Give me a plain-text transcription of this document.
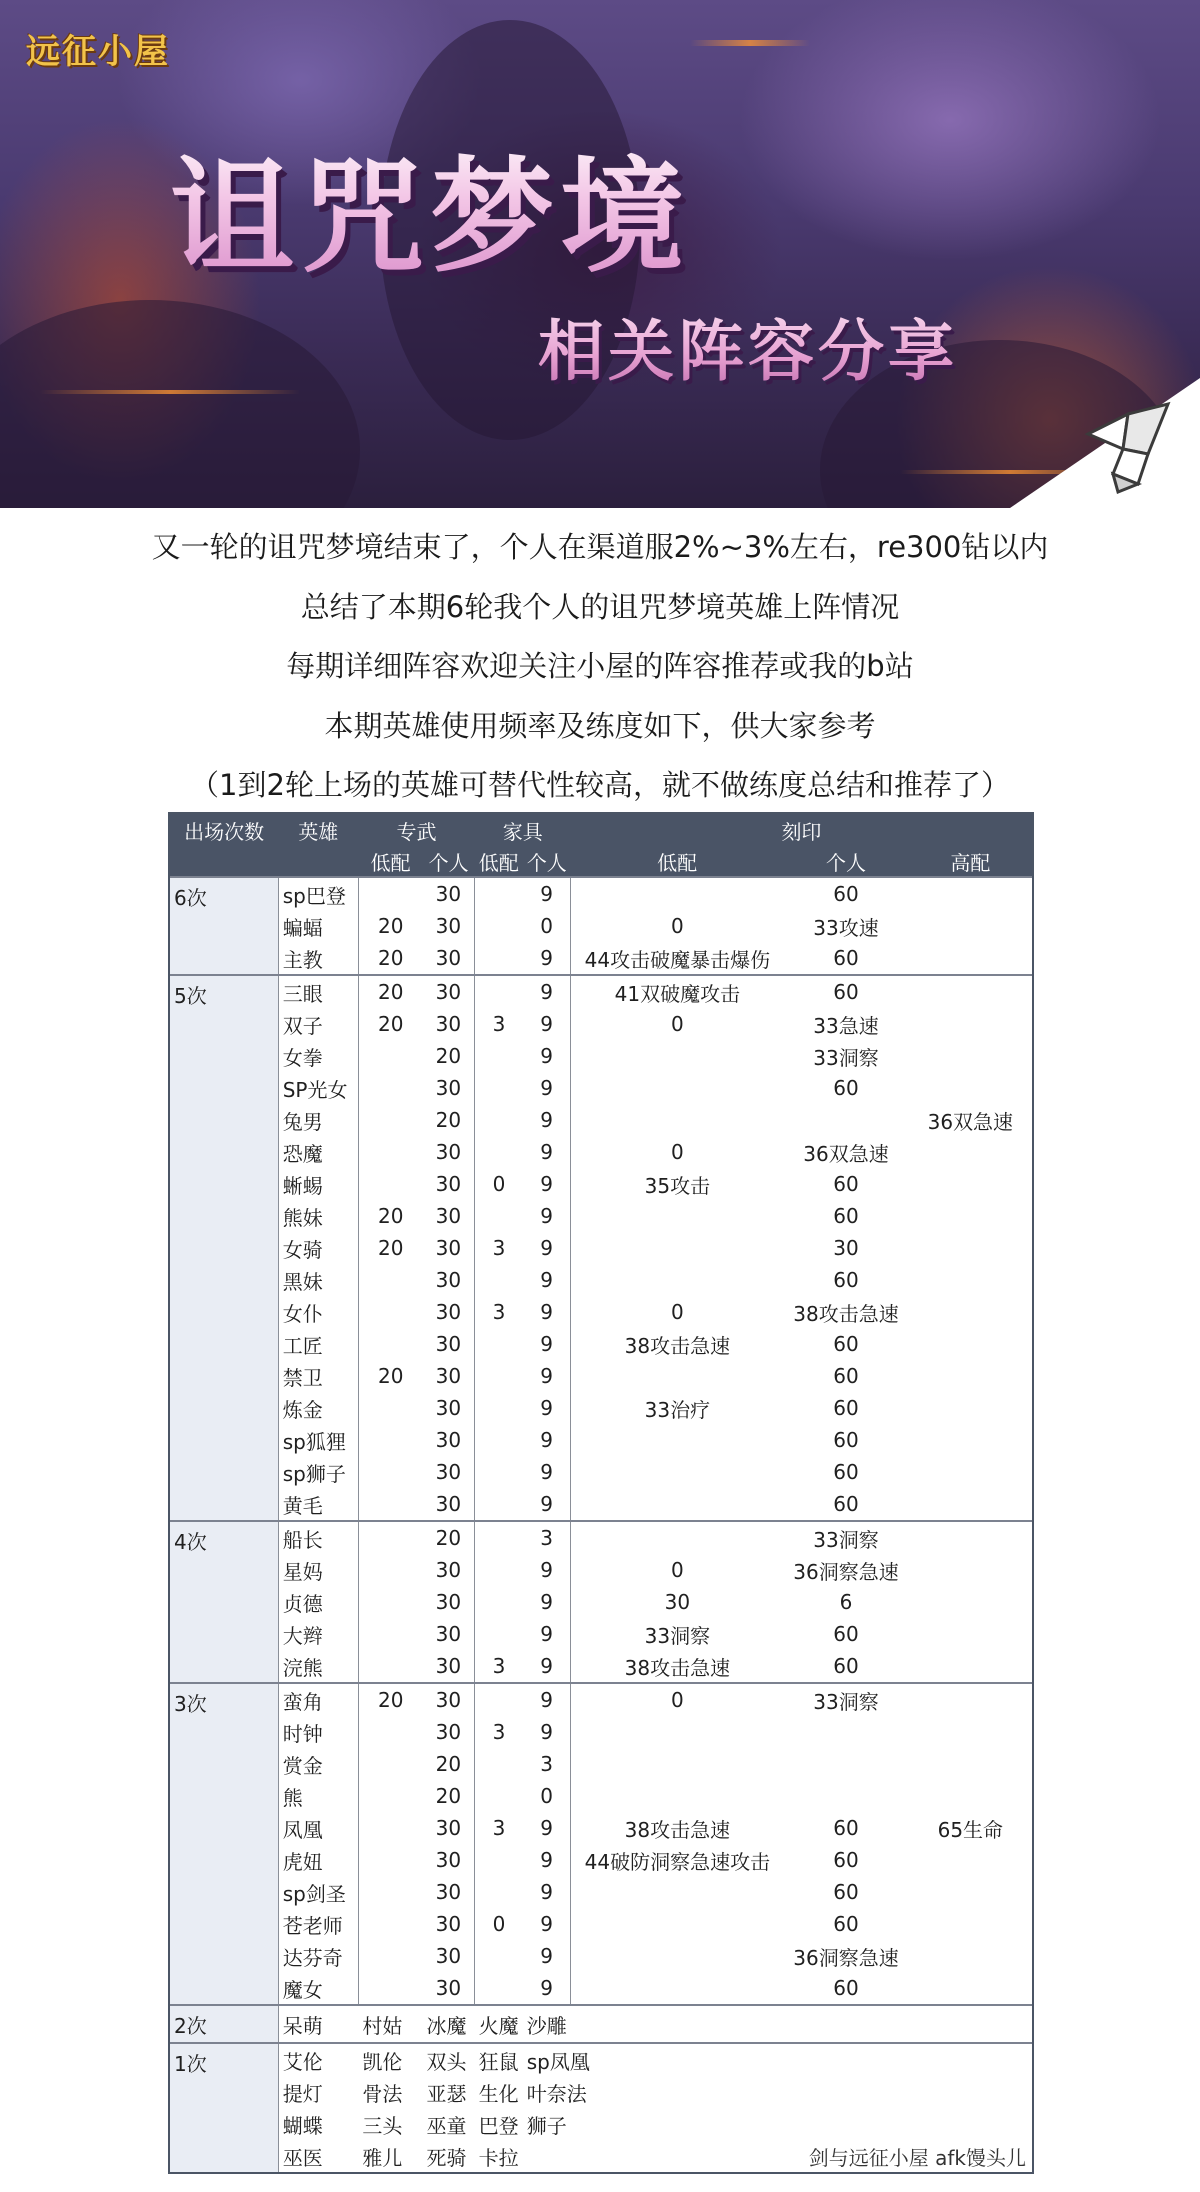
远征小屋
诅咒梦境
相关阵容分享
又一轮的诅咒梦境结束了，个人在渠道服2%~3%左右，re300钻以内
总结了本期6轮我个人的诅咒梦境英雄上阵情况
每期详细阵容欢迎关注小屋的阵容推荐或我的b站
本期英雄使用频率及练度如下，供大家参考
（1到2轮上场的英雄可替代性较高，就不做练度总结和推荐了）
出场次数	英雄	专武		家具		刻印		
		低配	个人	低配	个人	低配	个人	高配
6次	sp巴登		30		9		60	
	蝙蝠	20	30		0	0	33攻速	
	主教	20	30		9	44攻击破魔暴击爆伤	60	
5次	三眼	20	30		9	41双破魔攻击	60	
	双子	20	30	3	9	0	33急速	
	女拳		20		9		33洞察	
	SP光女		30		9		60	
	兔男		20		9			36双急速
	恐魔		30		9	0	36双急速	
	蜥蜴		30	0	9	35攻击	60	
	熊妹	20	30		9		60	
	女骑	20	30	3	9		30	
	黑妹		30		9		60	
	女仆		30	3	9	0	38攻击急速	
	工匠		30		9	38攻击急速	60	
	禁卫	20	30		9		60	
	炼金		30		9	33治疗	60	
	sp狐狸		30		9		60	
	sp狮子		30		9		60	
	黄毛		30		9		60	
4次	船长		20		3		33洞察	
	星妈		30		9	0	36洞察急速	
	贞德		30		9	30	6	
	大辫		30		9	33洞察	60	
	浣熊		30	3	9	38攻击急速	60	
3次	蛮角	20	30		9	0	33洞察	
	时钟		30	3	9			
	赏金		20		3			
	熊		20		0			
	凤凰		30	3	9	38攻击急速	60	65生命
	虎妞		30		9	44破防洞察急速攻击	60	
	sp剑圣		30		9		60	
	苍老师		30	0	9		60	
	达芬奇		30		9		36洞察急速	
	魔女		30		9		60	
2次	呆萌	村姑	冰魔	火魔	沙雕			
1次	艾伦	凯伦	双头	狂鼠	sp凤凰			
	提灯	骨法	亚瑟	生化	叶奈法			
	蝴蝶	三头	巫童	巴登	狮子			
	巫医	雅儿	死骑	卡拉		剑与远征小屋 afk馒头儿		
